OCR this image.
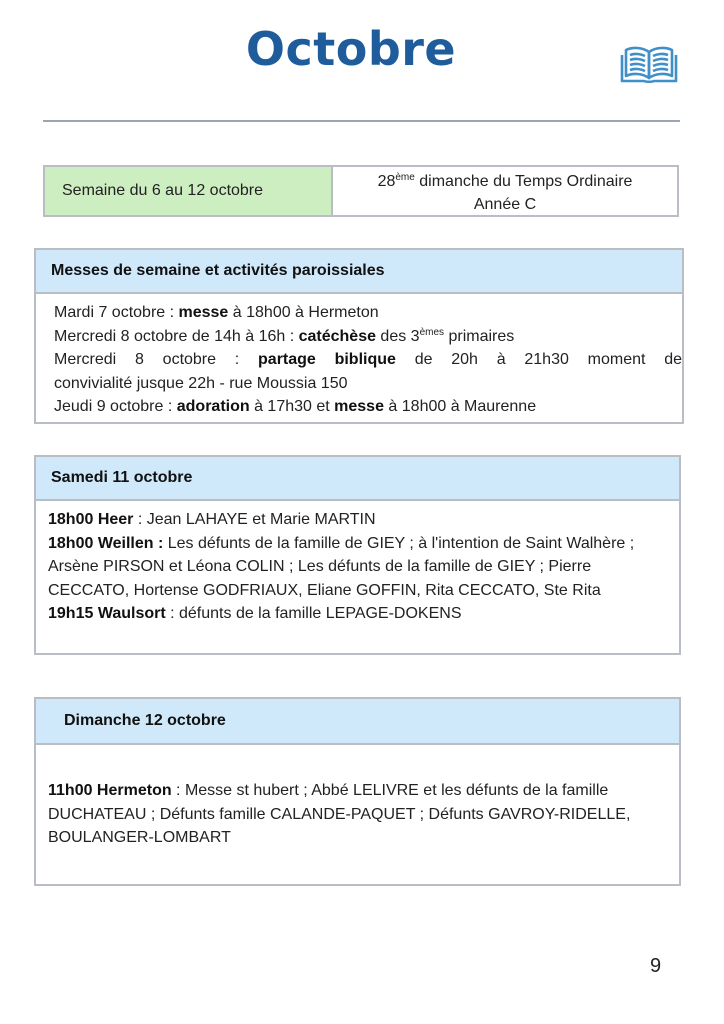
Octobre
Semaine du 6 au 12 octobre
28ème dimanche du Temps Ordinaire
Année C
Messes de semaine et activités paroissiales
Mardi 7 octobre : messe à 18h00 à Hermeton
Mercredi 8 octobre de 14h à 16h : catéchèse des 3èmes primaires
Mercredi 8 octobre : partage biblique de 20h à 21h30 moment de
convivialité jusque 22h - rue Moussia 150
Jeudi 9 octobre : adoration à 17h30 et messe à 18h00 à Maurenne
Samedi 11 octobre
18h00 Heer : Jean LAHAYE et Marie MARTIN
18h00 Weillen : Les défunts de la famille de GIEY ; à l'intention de Saint Walhère ; Arsène PIRSON et Léona COLIN ; Les défunts de la famille de GIEY ; Pierre CECCATO, Hortense GODFRIAUX, Eliane GOFFIN, Rita CECCATO, Ste Rita
19h15 Waulsort : défunts de la famille LEPAGE-DOKENS
Dimanche 12 octobre
11h00 Hermeton : Messe st hubert ; Abbé LELIVRE et les défunts de la famille DUCHATEAU ; Défunts famille CALANDE-PAQUET ; Défunts GAVROY-RIDELLE, BOULANGER-LOMBART
9
